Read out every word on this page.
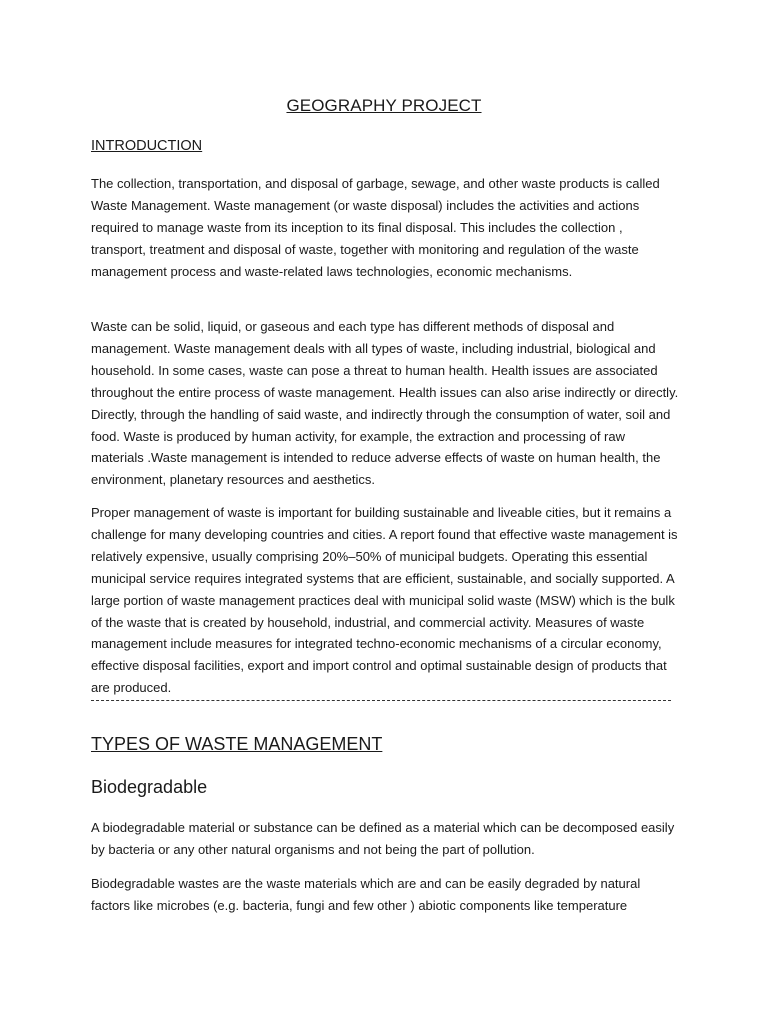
GEOGRAPHY PROJECT
INTRODUCTION

The collection, transportation, and disposal of garbage, sewage, and other waste products is called Waste Management. Waste management (or waste disposal) includes the activities and actions required to manage waste from its inception to its final disposal. This includes the collection , transport, treatment and disposal of waste, together with monitoring and regulation of the waste management process and waste-related laws technologies, economic mechanisms.

Waste can be solid, liquid, or gaseous and each type has different methods of disposal and management. Waste management deals with all types of waste, including industrial, biological and household. In some cases, waste can pose a threat to human health. Health issues are associated throughout the entire process of waste management. Health issues can also arise indirectly or directly. Directly, through the handling of said waste, and indirectly through the consumption of water, soil and food. Waste is produced by human activity, for example, the extraction and processing of raw materials .Waste management is intended to reduce adverse effects of waste on human health, the environment, planetary resources and aesthetics.

Proper management of waste is important for building sustainable and liveable cities, but it remains a challenge for many developing countries and cities. A report found that effective waste management is relatively expensive, usually comprising 20%–50% of municipal budgets. Operating this essential municipal service requires integrated systems that are efficient, sustainable, and socially supported. A large portion of waste management practices deal with municipal solid waste (MSW) which is the bulk of the waste that is created by household, industrial, and commercial activity. Measures of waste management include measures for integrated techno-economic mechanisms of a circular economy, effective disposal facilities, export and import control and optimal sustainable design of products that are produced.

TYPES OF WASTE MANAGEMENT
Biodegradable

A biodegradable material or substance can be defined as a material which can be decomposed easily by bacteria or any other natural organisms and not being the part of pollution.

Biodegradable wastes are the waste materials which are and can be easily degraded by natural factors like microbes (e.g. bacteria, fungi and few other ) abiotic components like temperature
